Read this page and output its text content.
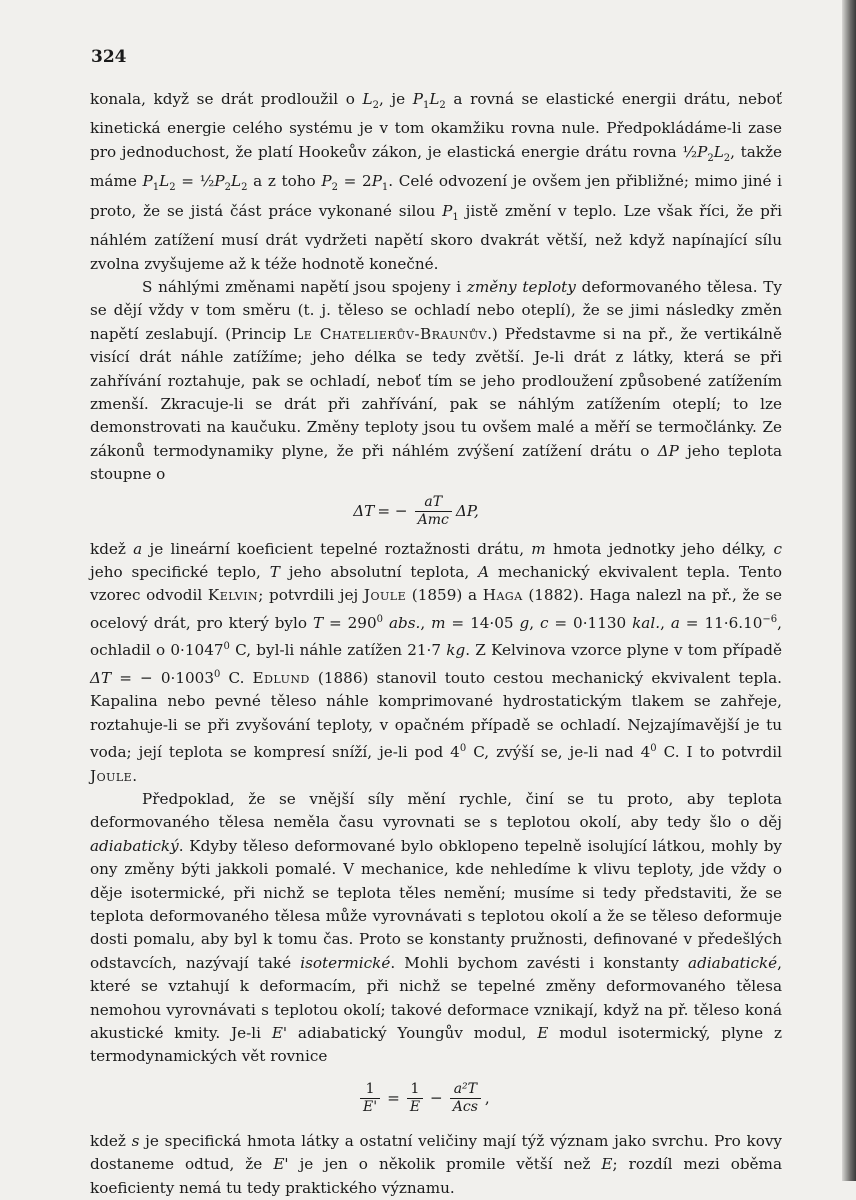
324

konala, když se drát prodloužil o $L_2$, je $P_1L_2$ a rovná se elastické energii drátu, neboť kinetická energie celého systému je v tom okamžiku rovna nule. Předpokládáme-li zase pro jednoduchost, že platí Hookeův zákon, je elastická energie drátu rovna $\frac{1}{2}P_2L_2$, takže máme $P_1L_2$ = $\frac{1}{2}P_2L_2$ a z toho $P_2 = 2P_1$. Celé odvození je ovšem jen přibližné; mimo jiné i proto, že se jistá část práce vykonané silou $P_1$ jistě změní v teplo. Lze však říci, že při náhlém zatížení musí drát vydržeti napětí skoro dvakrát větší, než když napínající sílu zvolna zvyšujeme až k téže hodnotě konečné.

S náhlými změnami napětí jsou spojeny i změny teploty deformovaného tělesa. Ty se dějí vždy v tom směru (t. j. těleso se ochladí nebo oteplí), že se jimi následky změn napětí zeslabují. (Princip Le Chatelierův-Braunův.) Představme si na př., že vertikálně visící drát náhle zatížíme; jeho délka se tedy zvětší. Je-li drát z látky, která se při zahřívání roztahuje, pak se ochladí, neboť tím se jeho prodloužení způsobené zatížením zmenší. Zkracuje-li se drát při zahřívání, pak se náhlým zatížením oteplí; to lze demonstrovati na kaučuku. Změny teploty jsou tu ovšem malé a měří se termočlánky. Ze zákonů termodynamiky plyne, že při náhlém zvýšení zatížení drátu o ΔP jeho teplota stoupne o

ΔT = − $\frac{aT}{\text{Amc}} \Delta P$,

kdež a je lineární koeficient tepelné roztažnosti drátu, m hmota jednotky jeho délky, c jeho specifické teplo, T jeho absolutní teplota, A mechanický ekvivalent tepla. Tento vzorec odvodil Kelvin; potvrdili jej Joule (1859) a Haga (1882). Haga nalezl na př., že se ocelový drát, pro který bylo $T = 290^0$ abs., m = 14·05 g, c = 0·1130 kal., $a = 11\cdot 6.10^{-6}$, ochladil o $0\cdot 1047^0$ C, byl-li náhle zatížen 21·7 kg. Z Kelvinova vzorce plyne v tom případě ΔT = − $0\cdot 1003^0$ C. Edlund (1886) stanovil touto cestou mechanický ekvivalent tepla. Kapalina nebo pevné těleso náhle komprimované hydrostatickým tlakem se zahřeje, roztahuje-li se při zvyšování teploty, v opačném případě se ochladí. Nejzajímavější je tu voda; její teplota se kompresí sníží, je-li pod $4^0$ C, zvýší se, je-li nad $4^0$ C. I to potvrdil Joule.

Předpoklad, že se vnější síly mění rychle, činí se tu proto, aby teplota deformovaného tělesa neměla času vyrovnati se s teplotou okolí, aby tedy šlo o děj adiabatický. Kdyby těleso deformované bylo obklopeno tepelně isolující látkou, mohly by ony změny býti jakkoli pomalé. V mechanice, kde nehledíme k vlivu teploty, jde vždy o děje isotermické, při nichž se teplota těles nemění; musíme si tedy představiti, že se teplota deformovaného tělesa může vyrovnávati s teplotou okolí a že se těleso deformuje dosti pomalu, aby byl k tomu čas. Proto se konstanty pružnosti, definované v předešlých odstavcích, nazývají také isotermické. Mohli bychom zavésti i konstanty adiabatické, které se vztahují k deformacím, při nichž se tepelné změny deformovaného tělesa nemohou vyrovnávati s teplotou okolí; takové deformace vznikají, když na př. těleso koná akustické kmity. Je-li E' adiabatický Youngův modul, E modul isotermický, plyne z termodynamických vět rovnice

$\frac{1}{E'} = \frac{1}{E} - \frac{\text{a²T}}{\text{Acs}}$ ,

kdež s je specifická hmota látky a ostatní veličiny mají týž význam jako svrchu. Pro kovy dostaneme odtud, že E' je jen o několik promile větší než E; rozdíl mezi oběma koeficienty nemá tu tedy praktického významu.
